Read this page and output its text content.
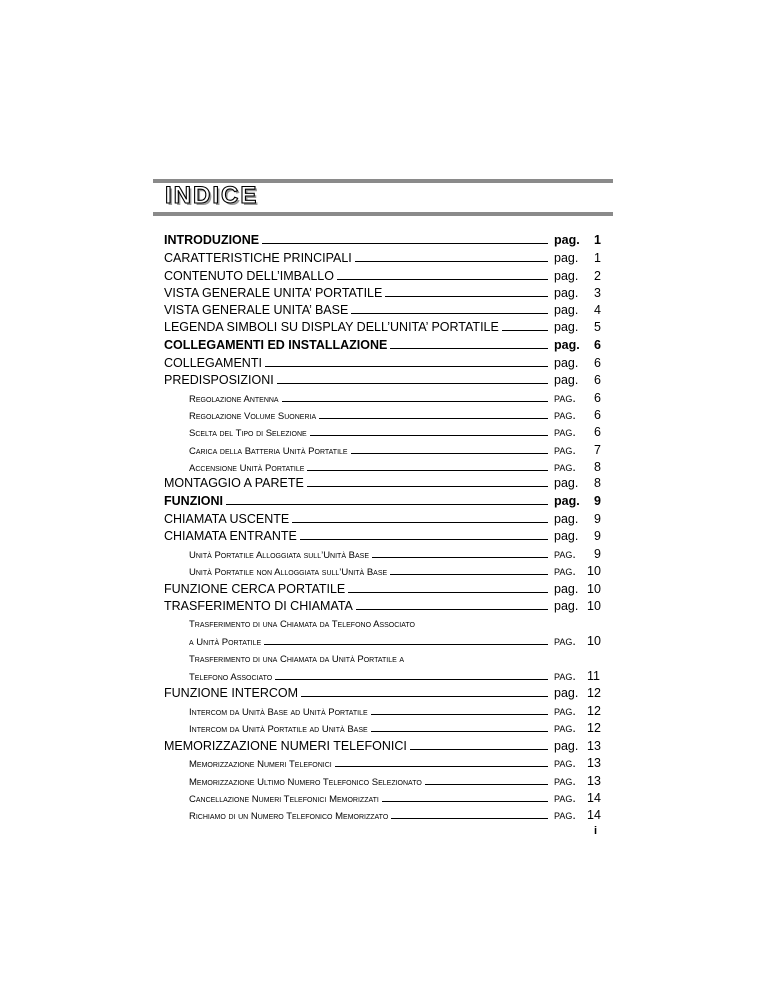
INDICE
INTRODUZIONE	pag.	1
CARATTERISTICHE PRINCIPALI	pag.	1
CONTENUTO DELL’IMBALLO	pag.	2
VISTA GENERALE UNITA’ PORTATILE	pag.	3
VISTA GENERALE UNITA’ BASE	pag.	4
LEGENDA SIMBOLI SU DISPLAY DELL’UNITA’ PORTATILE	pag.	5
COLLEGAMENTI ED INSTALLAZIONE	pag.	6
COLLEGAMENTI	pag.	6
PREDISPOSIZIONI	pag.	6
Regolazione Antenna	pag.	6
Regolazione Volume Suoneria	pag.	6
Scelta del Tipo di Selezione	pag.	6
Carica della Batteria Unità Portatile	pag.	7
Accensione Unità Portatile	pag.	8
MONTAGGIO A PARETE	pag.	8
FUNZIONI	pag.	9
CHIAMATA USCENTE	pag.	9
CHIAMATA ENTRANTE	pag.	9
Unità Portatile Alloggiata sull’Unità Base	pag.	9
Unità Portatile non Alloggiata sull’Unità Base	pag. 10
FUNZIONE CERCA PORTATILE	pag. 10
TRASFERIMENTO DI CHIAMATA	pag. 10
Trasferimento di una Chiamata da Telefono Associato
a Unità Portatile	pag. 10
Trasferimento di una Chiamata da Unità Portatile a
Telefono Associato	pag. 11
FUNZIONE INTERCOM	pag. 12
Intercom da Unità Base ad Unità Portatile	pag. 12
Intercom da Unità Portatile ad Unità Base	pag. 12
MEMORIZZAZIONE NUMERI TELEFONICI	pag. 13
Memorizzazione Numeri Telefonici	pag. 13
Memorizzazione Ultimo Numero Telefonico Selezionato	pag. 13
Cancellazione Numeri Telefonici Memorizzati	pag. 14
Richiamo di un Numero Telefonico Memorizzato	pag. 14
i
